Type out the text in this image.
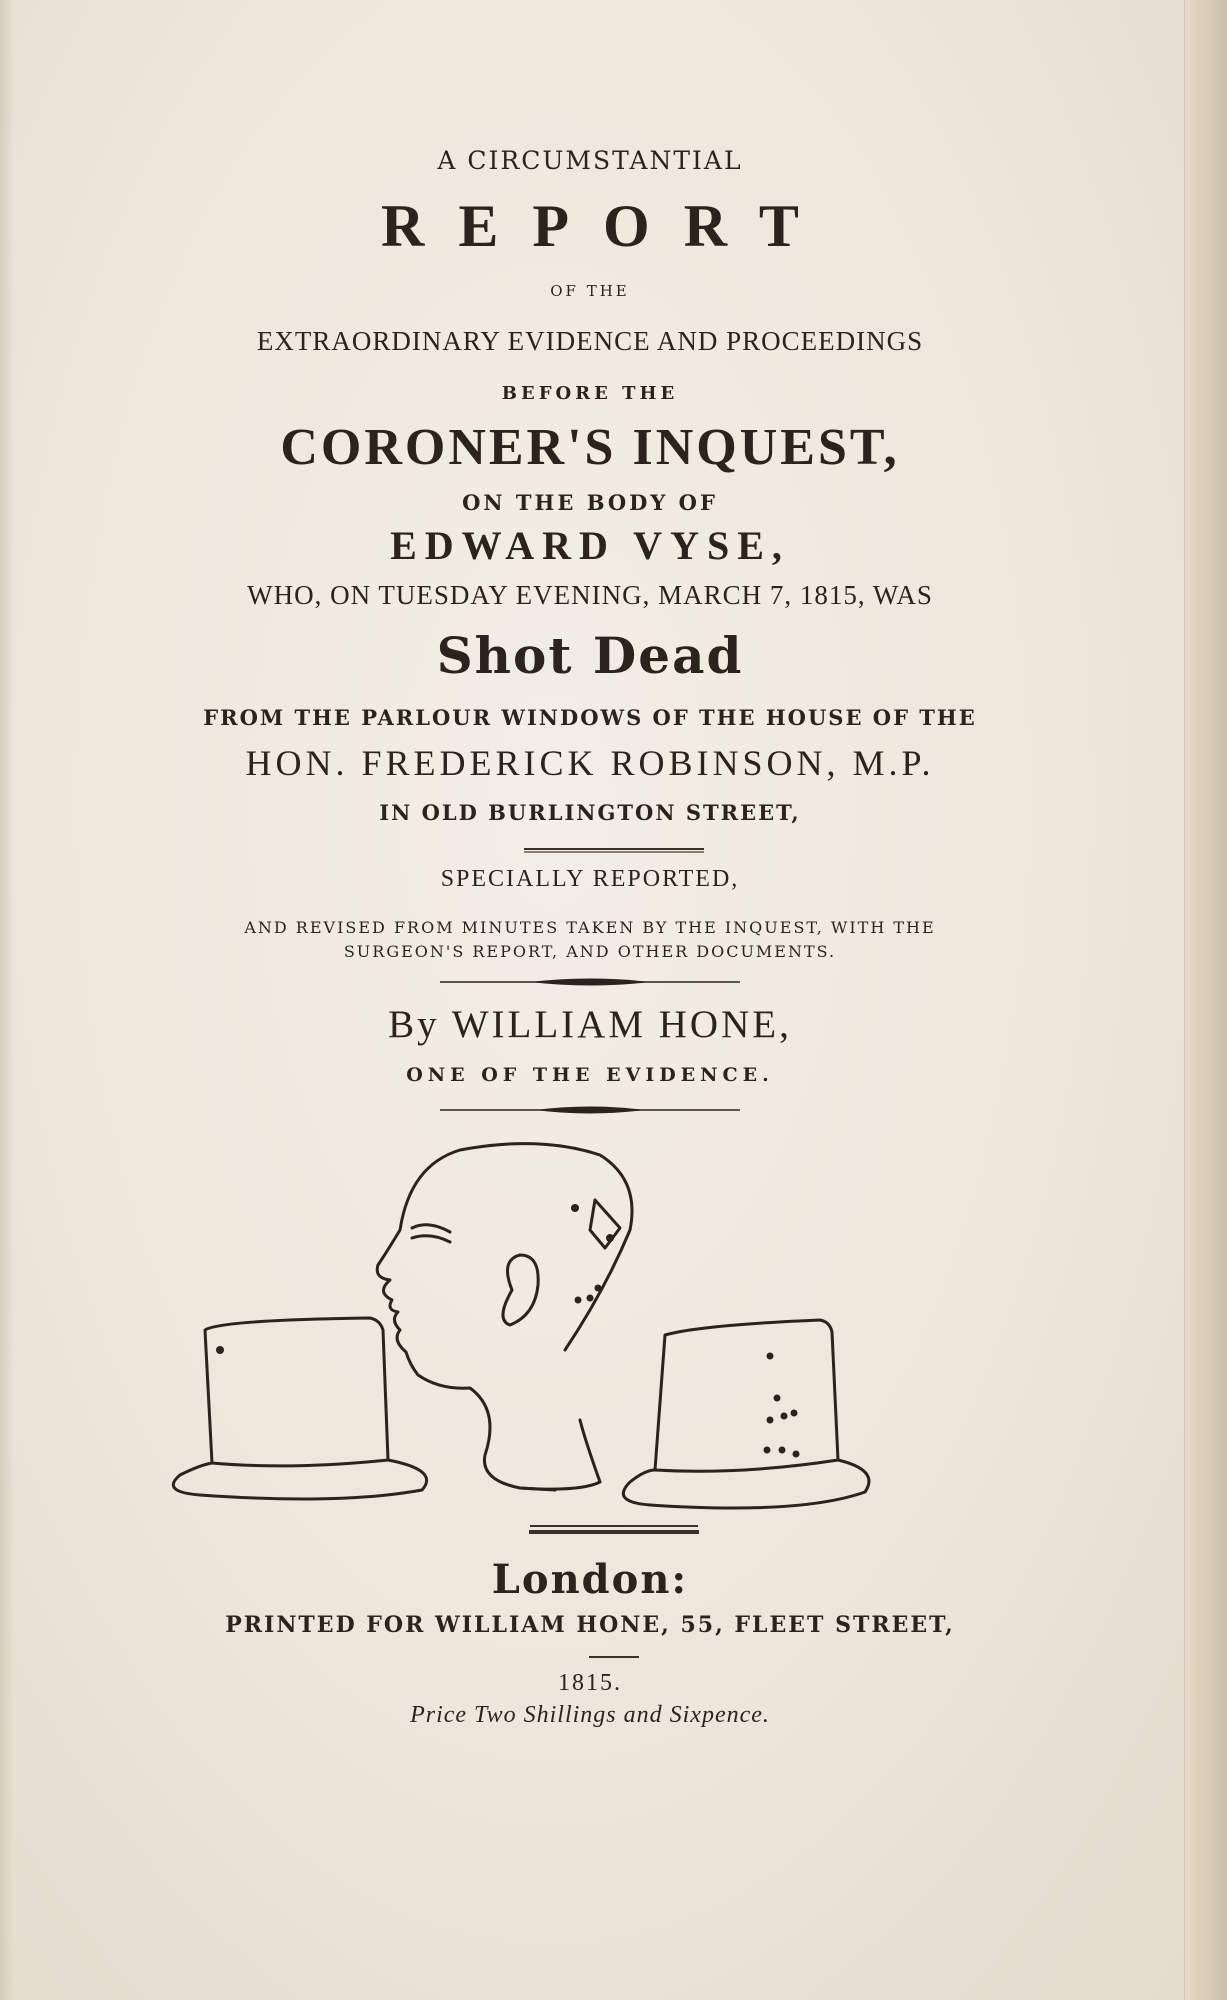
A CIRCUMSTANTIAL
REPORT
OF THE
EXTRAORDINARY EVIDENCE AND PROCEEDINGS
BEFORE THE
CORONER'S INQUEST,
ON THE BODY OF
EDWARD VYSE,
WHO, ON TUESDAY EVENING, MARCH 7, 1815, WAS
Shot Dead
FROM THE PARLOUR WINDOWS OF THE HOUSE OF THE
HON. FREDERICK ROBINSON, M.P.
IN OLD BURLINGTON STREET,
SPECIALLY REPORTED,
AND REVISED FROM MINUTES TAKEN BY THE INQUEST, WITH THE
SURGEON'S REPORT, AND OTHER DOCUMENTS.
By WILLIAM HONE,
ONE OF THE EVIDENCE.
London:
PRINTED FOR WILLIAM HONE, 55, FLEET STREET,
1815.
Price Two Shillings and Sixpence.
